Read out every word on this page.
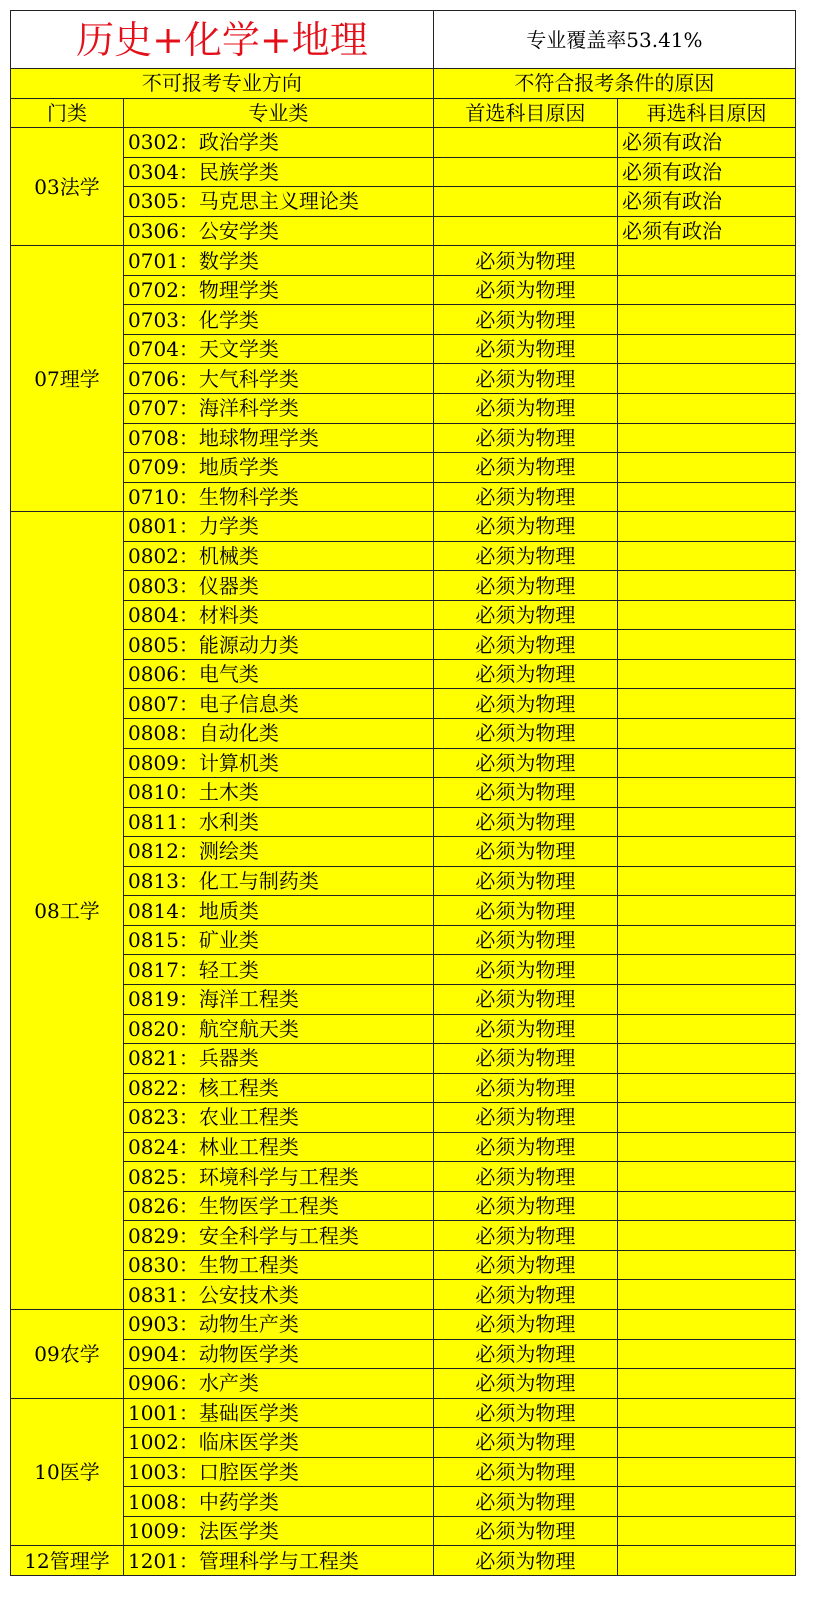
历史+化学+地理		专业覆盖率53.41%	
不可报考专业方向		不符合报考条件的原因	
门类	专业类	首选科目原因	再选科目原因
03法学	0302：政治学类		必须有政治
	0304：民族学类		必须有政治
	0305：马克思主义理论类		必须有政治
	0306：公安学类		必须有政治
07理学	0701：数学类	必须为物理	
	0702：物理学类	必须为物理	
	0703：化学类	必须为物理	
	0704：天文学类	必须为物理	
	0706：大气科学类	必须为物理	
	0707：海洋科学类	必须为物理	
	0708：地球物理学类	必须为物理	
	0709：地质学类	必须为物理	
	0710：生物科学类	必须为物理	
08工学	0801：力学类	必须为物理	
	0802：机械类	必须为物理	
	0803：仪器类	必须为物理	
	0804：材料类	必须为物理	
	0805：能源动力类	必须为物理	
	0806：电气类	必须为物理	
	0807：电子信息类	必须为物理	
	0808：自动化类	必须为物理	
	0809：计算机类	必须为物理	
	0810：土木类	必须为物理	
	0811：水利类	必须为物理	
	0812：测绘类	必须为物理	
	0813：化工与制药类	必须为物理	
	0814：地质类	必须为物理	
	0815：矿业类	必须为物理	
	0817：轻工类	必须为物理	
	0819：海洋工程类	必须为物理	
	0820：航空航天类	必须为物理	
	0821：兵器类	必须为物理	
	0822：核工程类	必须为物理	
	0823：农业工程类	必须为物理	
	0824：林业工程类	必须为物理	
	0825：环境科学与工程类	必须为物理	
	0826：生物医学工程类	必须为物理	
	0829：安全科学与工程类	必须为物理	
	0830：生物工程类	必须为物理	
	0831：公安技术类	必须为物理	
09农学	0903：动物生产类	必须为物理	
	0904：动物医学类	必须为物理	
	0906：水产类	必须为物理	
10医学	1001：基础医学类	必须为物理	
	1002：临床医学类	必须为物理	
	1003：口腔医学类	必须为物理	
	1008：中药学类	必须为物理	
	1009：法医学类	必须为物理	
12管理学	1201：管理科学与工程类	必须为物理	
